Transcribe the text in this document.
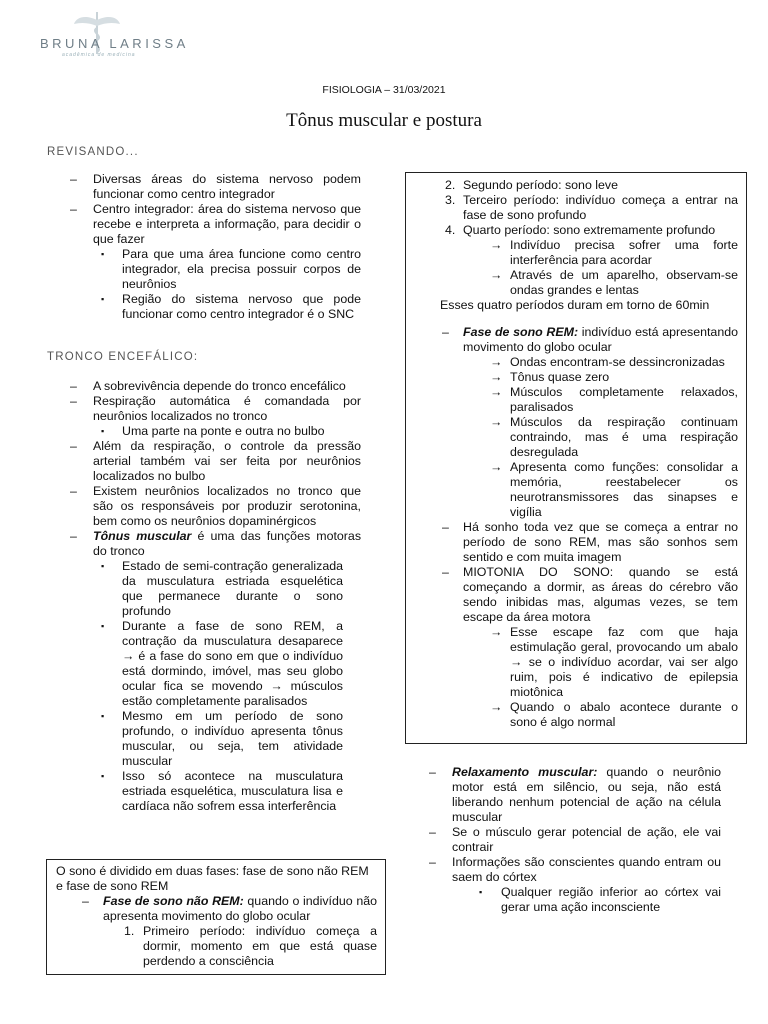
BRUNA LARISSA
acadêmica de medicina
FISIOLOGIA – 31/03/2021
Tônus muscular e postura
REVISANDO...
– Diversas áreas do sistema nervoso podem funcionar como centro integrador
– Centro integrador: área do sistema nervoso que recebe e interpreta a informação, para decidir o que fazer
▪ Para que uma área funcione como centro integrador, ela precisa possuir corpos de neurônios
▪ Região do sistema nervoso que pode funcionar como centro integrador é o SNC
TRONCO ENCEFÁLICO:
– A sobrevivência depende do tronco encefálico
– Respiração automática é comandada por neurônios localizados no tronco
▪ Uma parte na ponte e outra no bulbo
– Além da respiração, o controle da pressão arterial também vai ser feita por neurônios localizados no bulbo
– Existem neurônios localizados no tronco que são os responsáveis por produzir serotonina, bem como os neurônios dopaminérgicos
– Tônus muscular é uma das funções motoras do tronco
▪ Estado de semi-contração generalizada da musculatura estriada esquelética que permanece durante o sono profundo
▪ Durante a fase de sono REM, a contração da musculatura desaparece → é a fase do sono em que o indivíduo está dormindo, imóvel, mas seu globo ocular fica se movendo → músculos estão completamente paralisados
▪ Mesmo em um período de sono profundo, o indivíduo apresenta tônus muscular, ou seja, tem atividade muscular
▪ Isso só acontece na musculatura estriada esquelética, musculatura lisa e cardíaca não sofrem essa interferência

O sono é dividido em duas fases: fase de sono não REM e fase de sono REM

– Fase de sono não REM: quando o indivíduo não apresenta movimento do globo ocular
1. Primeiro período: indivíduo começa a dormir, momento em que está quase perdendo a consciência
2. Segundo período: sono leve
3. Terceiro período: indivíduo começa a entrar na fase de sono profundo
4. Quarto período: sono extremamente profundo
→ Indivíduo precisa sofrer uma forte interferência para acordar
→ Através de um aparelho, observam-se ondas grandes e lentas

Esses quatro períodos duram em torno de 60min

– Fase de sono REM: indivíduo está apresentando movimento do globo ocular
→ Ondas encontram-se dessincronizadas
→ Tônus quase zero
→ Músculos completamente relaxados, paralisados
→ Músculos da respiração continuam contraindo, mas é uma respiração desregulada
→ Apresenta como funções: consolidar a memória, reestabelecer os neurotransmissores das sinapses e vigília
– Há sonho toda vez que se começa a entrar no período de sono REM, mas são sonhos sem sentido e com muita imagem
– MIOTONIA DO SONO: quando se está começando a dormir, as áreas do cérebro vão sendo inibidas mas, algumas vezes, se tem escape da área motora
→ Esse escape faz com que haja estimulação geral, provocando um abalo → se o indivíduo acordar, vai ser algo ruim, pois é indicativo de epilepsia miotônica
→ Quando o abalo acontece durante o sono é algo normal
– Relaxamento muscular: quando o neurônio motor está em silêncio, ou seja, não está liberando nenhum potencial de ação na célula muscular
– Se o músculo gerar potencial de ação, ele vai contrair
– Informações são conscientes quando entram ou saem do córtex
▪ Qualquer região inferior ao córtex vai gerar uma ação inconsciente
